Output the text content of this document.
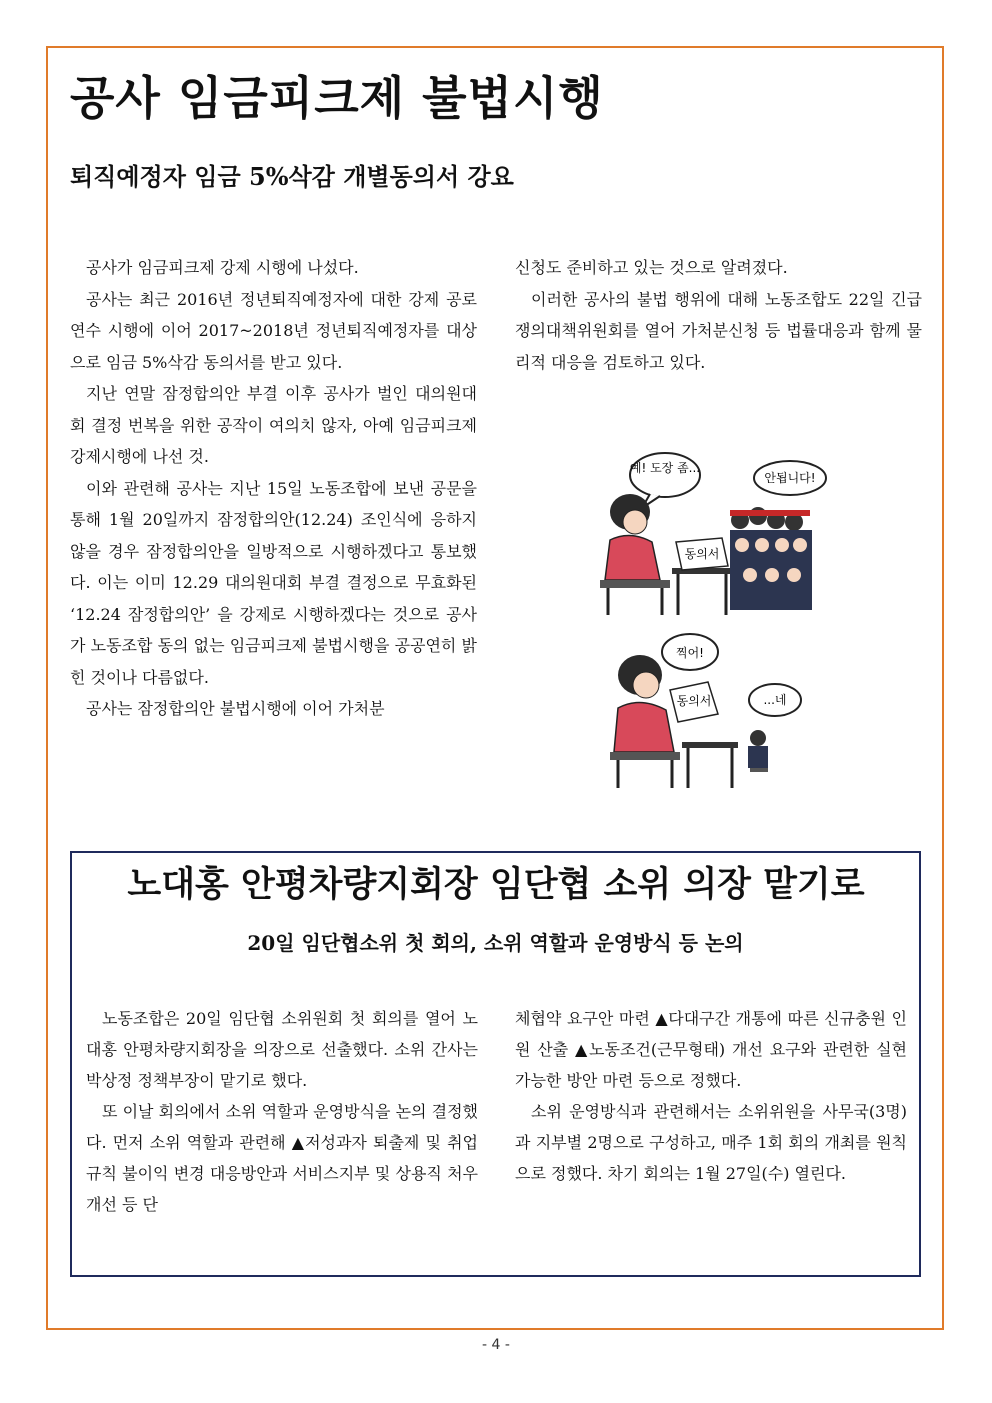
공사 임금피크제 불법시행
퇴직예정자 임금 5%삭감 개별동의서 강요

공사가 임금피크제 강제 시행에 나섰다.

공사는 최근 2016년 정년퇴직예정자에 대한 강제 공로연수 시행에 이어 2017~2018년 정년퇴직예정자를 대상으로 임금 5%삭감 동의서를 받고 있다.

지난 연말 잠정합의안 부결 이후 공사가 벌인 대의원대회 결정 번복을 위한 공작이 여의치 않자, 아예 임금피크제 강제시행에 나선 것.

이와 관련해 공사는 지난 15일 노동조합에 보낸 공문을 통해 1월 20일까지 잠정합의안(12.24) 조인식에 응하지 않을 경우 잠정합의안을 일방적으로 시행하겠다고 통보했다. 이는 이미 12.29 대의원대회 부결 결정으로 무효화된 ‘12.24 잠정합의안’ 을 강제로 시행하겠다는 것으로 공사가 노동조합 동의 없는 임금피크제 불법시행을 공공연히 밝힌 것이나 다름없다.

공사는 잠정합의안 불법시행에 이어 가처분

신청도 준비하고 있는 것으로 알려졌다.

이러한 공사의 불법 행위에 대해 노동조합도 22일 긴급 쟁의대책위원회를 열어 가처분신청 등 법률대응과 함께 물리적 대응을 검토하고 있다.

예! 도장 좀...
안됩니다!
동의서
찍어!
...네
동의서
노대홍 안평차량지회장 임단협 소위 의장 맡기로
20일 임단협소위 첫 회의, 소위 역할과 운영방식 등 논의

노동조합은 20일 임단협 소위원회 첫 회의를 열어 노대홍 안평차량지회장을 의장으로 선출했다. 소위 간사는 박상정 정책부장이 맡기로 했다.

또 이날 회의에서 소위 역할과 운영방식을 논의 결정했다. 먼저 소위 역할과 관련해 ▲저성과자 퇴출제 및 취업규칙 불이익 변경 대응방안과 서비스지부 및 상용직 처우개선 등 단

체협약 요구안 마련 ▲다대구간 개통에 따른 신규충원 인원 산출 ▲노동조건(근무형태) 개선 요구와 관련한 실현 가능한 방안 마련 등으로 정했다.

소위 운영방식과 관련해서는 소위위원을 사무국(3명)과 지부별 2명으로 구성하고, 매주 1회 회의 개최를 원칙으로 정했다. 차기 회의는 1월 27일(수) 열린다.

- 4 -
